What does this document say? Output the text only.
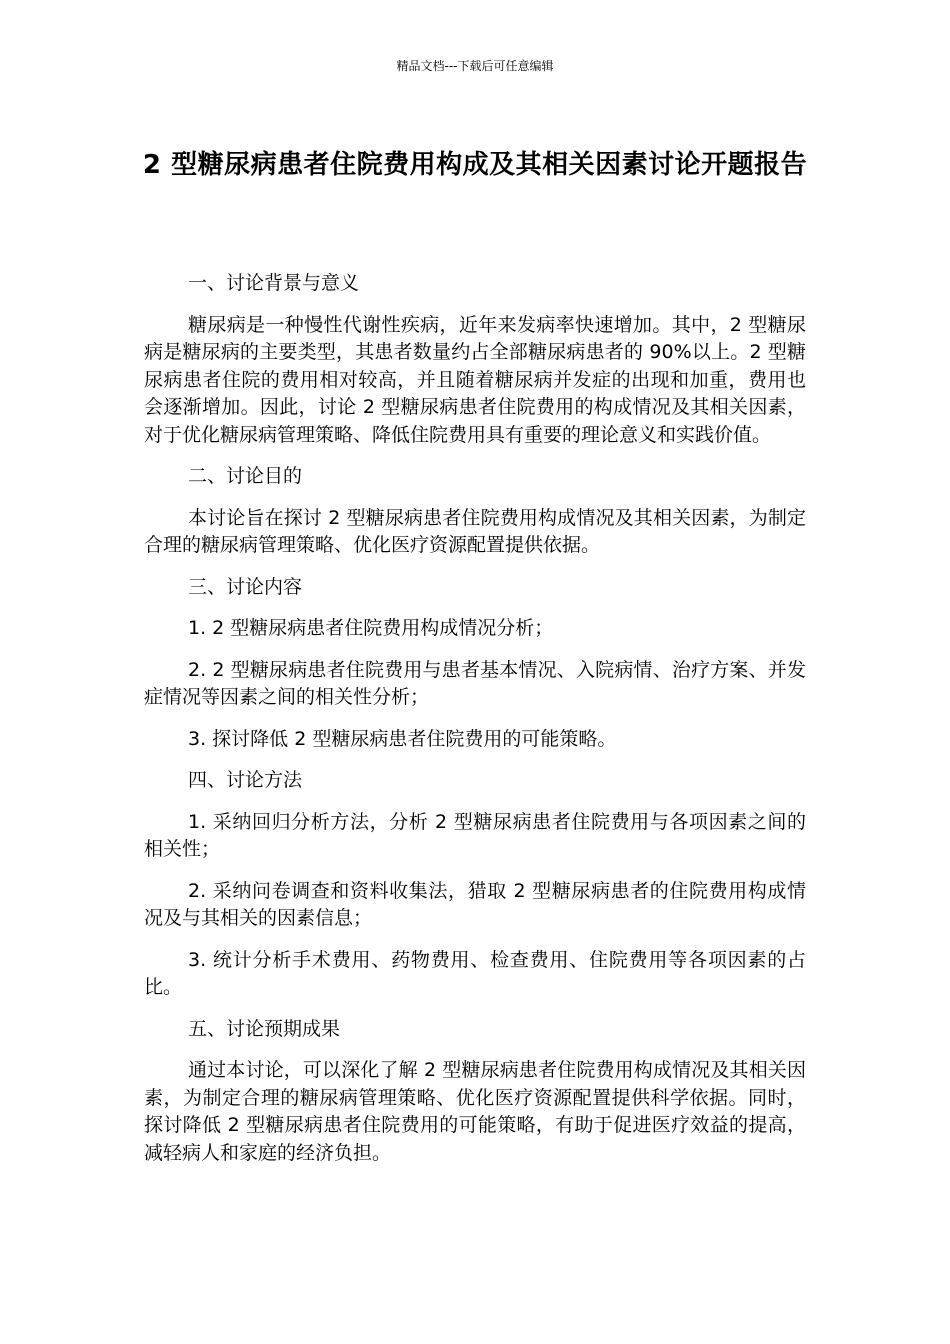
精品文档---下载后可任意编辑
2 型糖尿病患者住院费用构成及其相关因素讨论开题报告

一、讨论背景与意义

糖尿病是一种慢性代谢性疾病，近年来发病率快速增加。其中，2 型糖尿病是糖尿病的主要类型，其患者数量约占全部糖尿病患者的 90%以上。2 型糖尿病患者住院的费用相对较高，并且随着糖尿病并发症的出现和加重，费用也会逐渐增加。因此，讨论 2 型糖尿病患者住院费用的构成情况及其相关因素，对于优化糖尿病管理策略、降低住院费用具有重要的理论意义和实践价值。

二、讨论目的

本讨论旨在探讨 2 型糖尿病患者住院费用构成情况及其相关因素，为制定合理的糖尿病管理策略、优化医疗资源配置提供依据。

三、讨论内容

1. 2 型糖尿病患者住院费用构成情况分析；

2. 2 型糖尿病患者住院费用与患者基本情况、入院病情、治疗方案、并发症情况等因素之间的相关性分析；

3. 探讨降低 2 型糖尿病患者住院费用的可能策略。

四、讨论方法

1. 采纳回归分析方法，分析 2 型糖尿病患者住院费用与各项因素之间的相关性；

2. 采纳问卷调查和资料收集法，猎取 2 型糖尿病患者的住院费用构成情况及与其相关的因素信息；

3. 统计分析手术费用、药物费用、检查费用、住院费用等各项因素的占比。

五、讨论预期成果

通过本讨论，可以深化了解 2 型糖尿病患者住院费用构成情况及其相关因素，为制定合理的糖尿病管理策略、优化医疗资源配置提供科学依据。同时，探讨降低 2 型糖尿病患者住院费用的可能策略，有助于促进医疗效益的提高，减轻病人和家庭的经济负担。
